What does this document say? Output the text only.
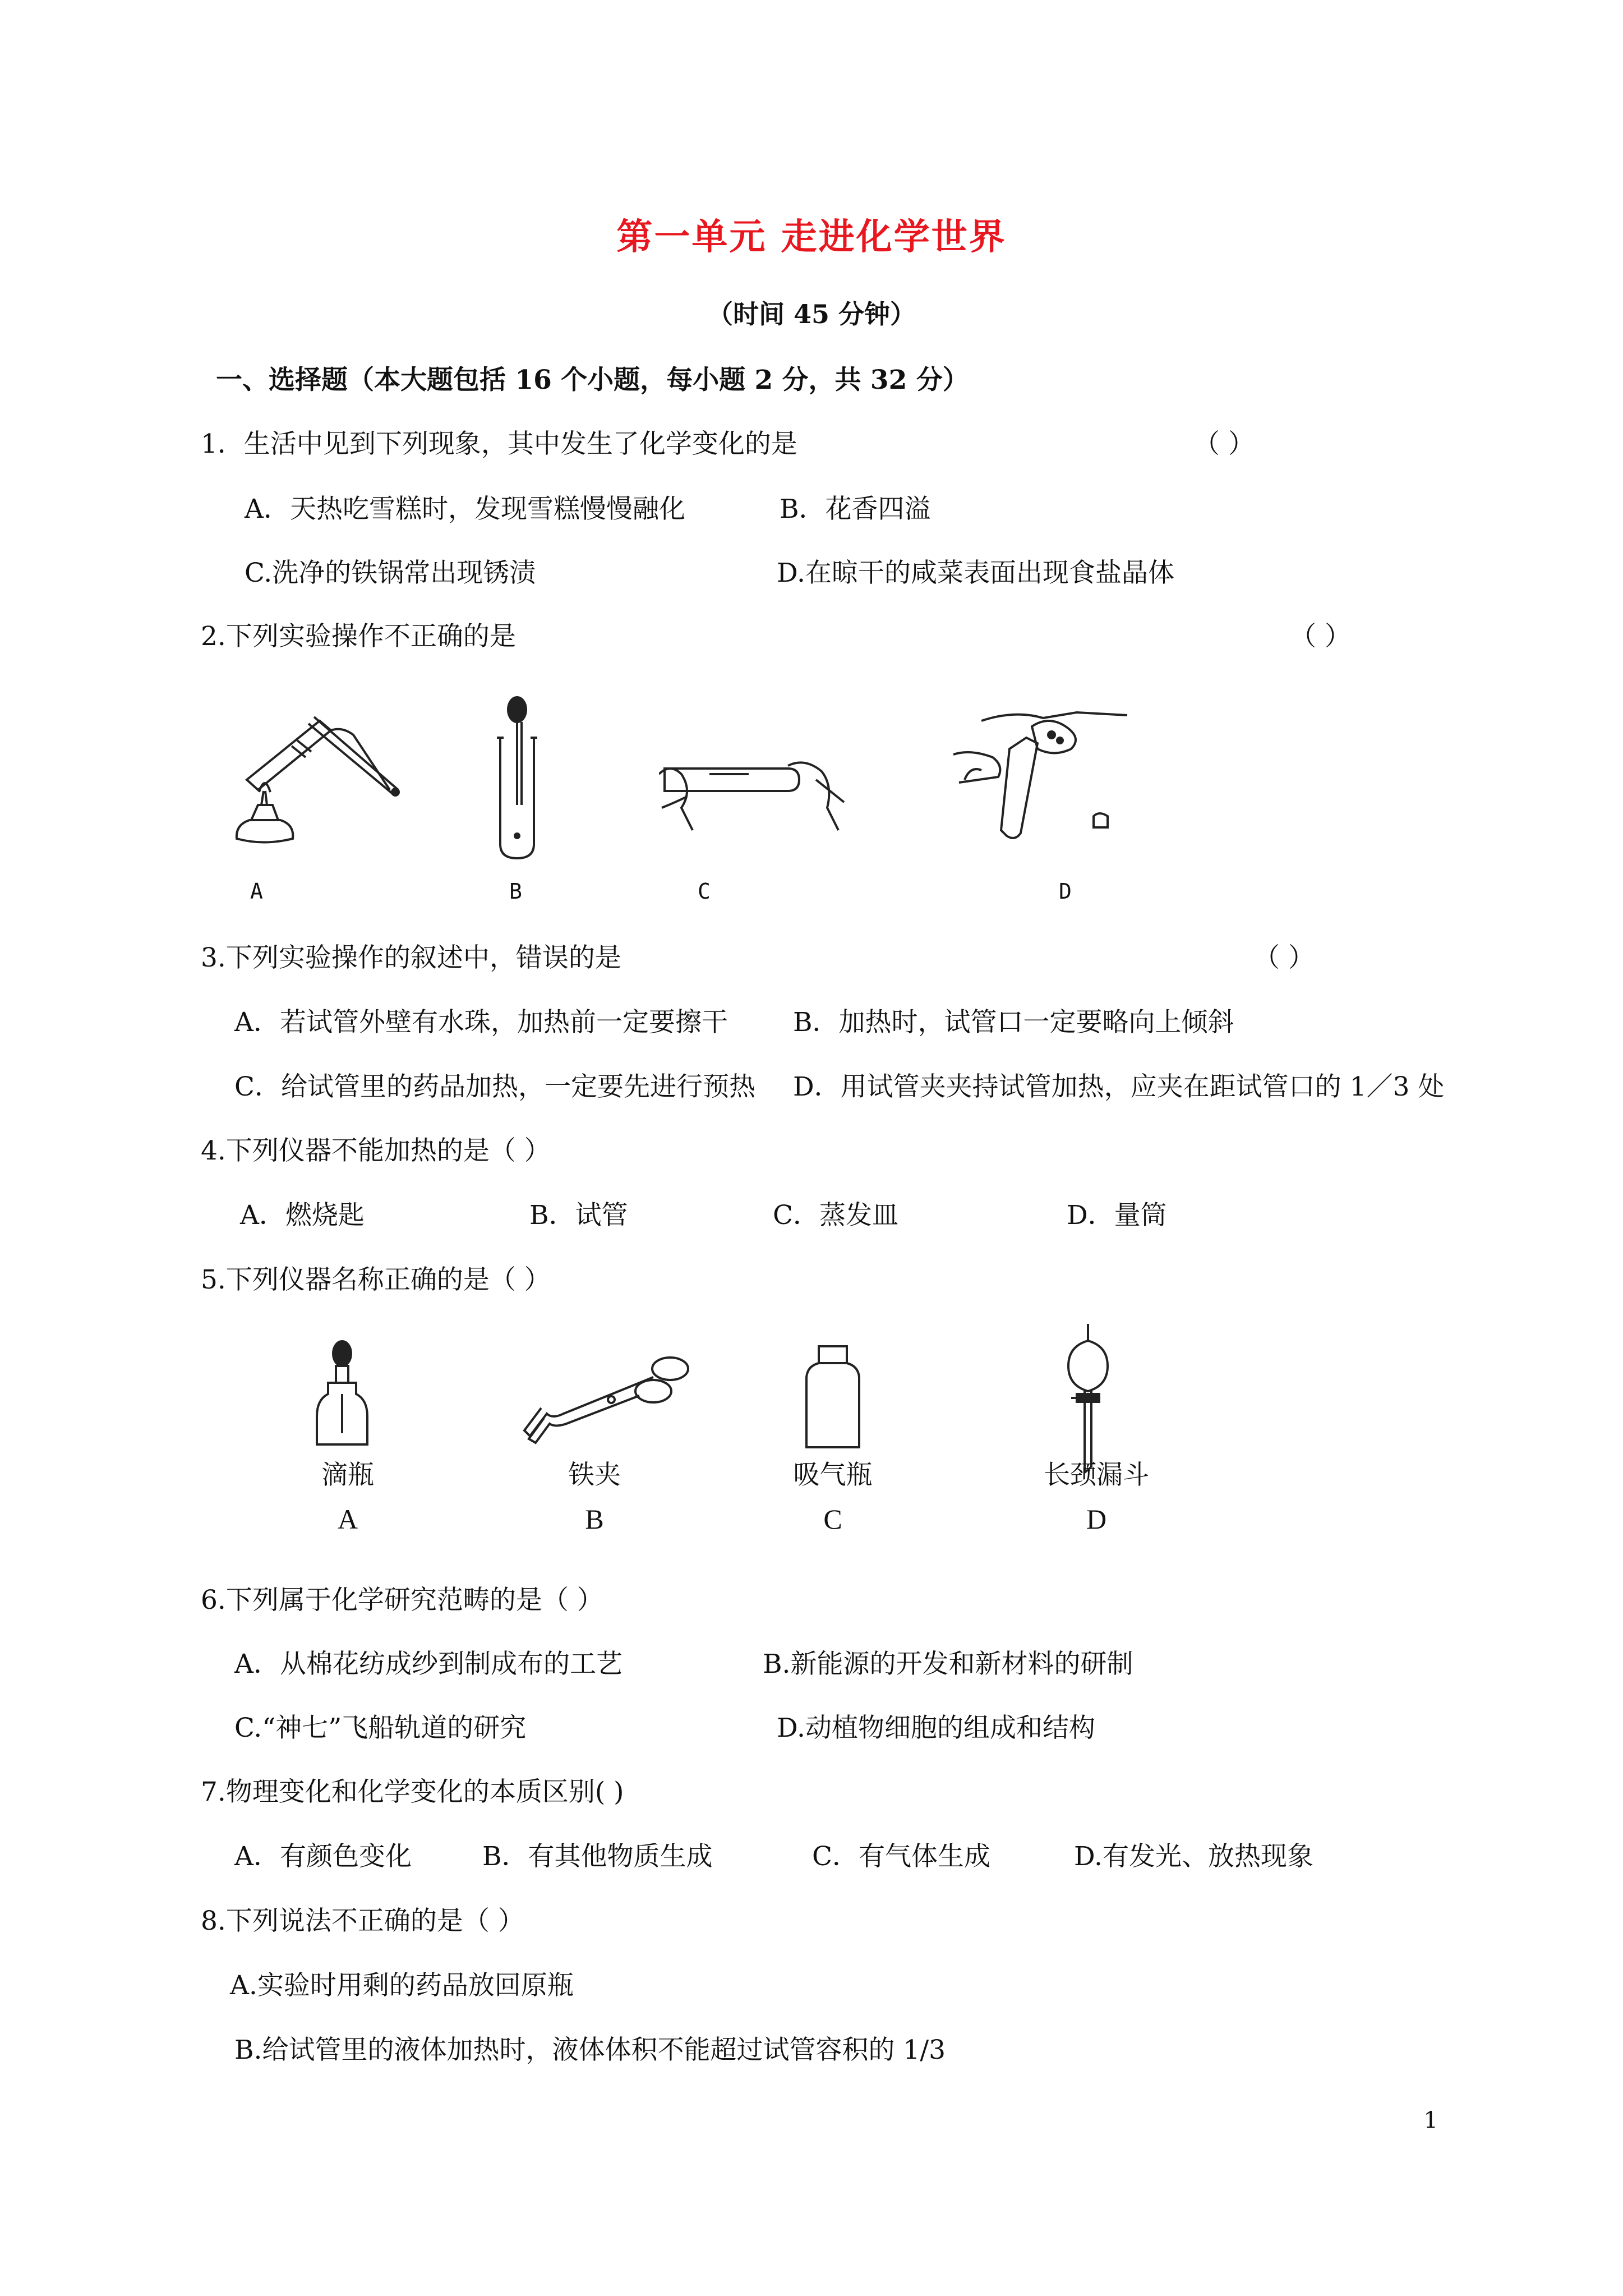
第一单元 走进化学世界
（时间 45 分钟）
一、选择题（本大题包括 16 个小题，每小题 2 分，共 32 分）
1．生活中见到下列现象，其中发生了化学变化的是	（ ）
A．天热吃雪糕时，发现雪糕慢慢融化	B．花香四溢
C.洗净的铁锅常出现锈渍	D.在晾干的咸菜表面出现食盐晶体
2.下列实验操作不正确的是	（ ）
A	B	C	D
3.下列实验操作的叙述中，错误的是	（ ）
A．若试管外壁有水珠，加热前一定要擦干 B．加热时，试管口一定要略向上倾斜
C．给试管里的药品加热，一定要先进行预热 D．用试管夹夹持试管加热，应夹在距试管口的 1／3 处
4.下列仪器不能加热的是（ ）
A．燃烧匙	B．试管	C．蒸发皿	D．量筒
5.下列仪器名称正确的是（ ）
滴瓶	铁夹	吸气瓶	长颈漏斗
A	B	C	D
6.下列属于化学研究范畴的是（ ）
A．从棉花纺成纱到制成布的工艺	B.新能源的开发和新材料的研制
C.“神七”飞船轨道的研究	D.动植物细胞的组成和结构
7.物理变化和化学变化的本质区别( )
A．有颜色变化	B．有其他物质生成	C．有气体生成	D.有发光、放热现象
8.下列说法不正确的是（ ）
A.实验时用剩的药品放回原瓶
B.给试管里的液体加热时，液体体积不能超过试管容积的 1/3
1
